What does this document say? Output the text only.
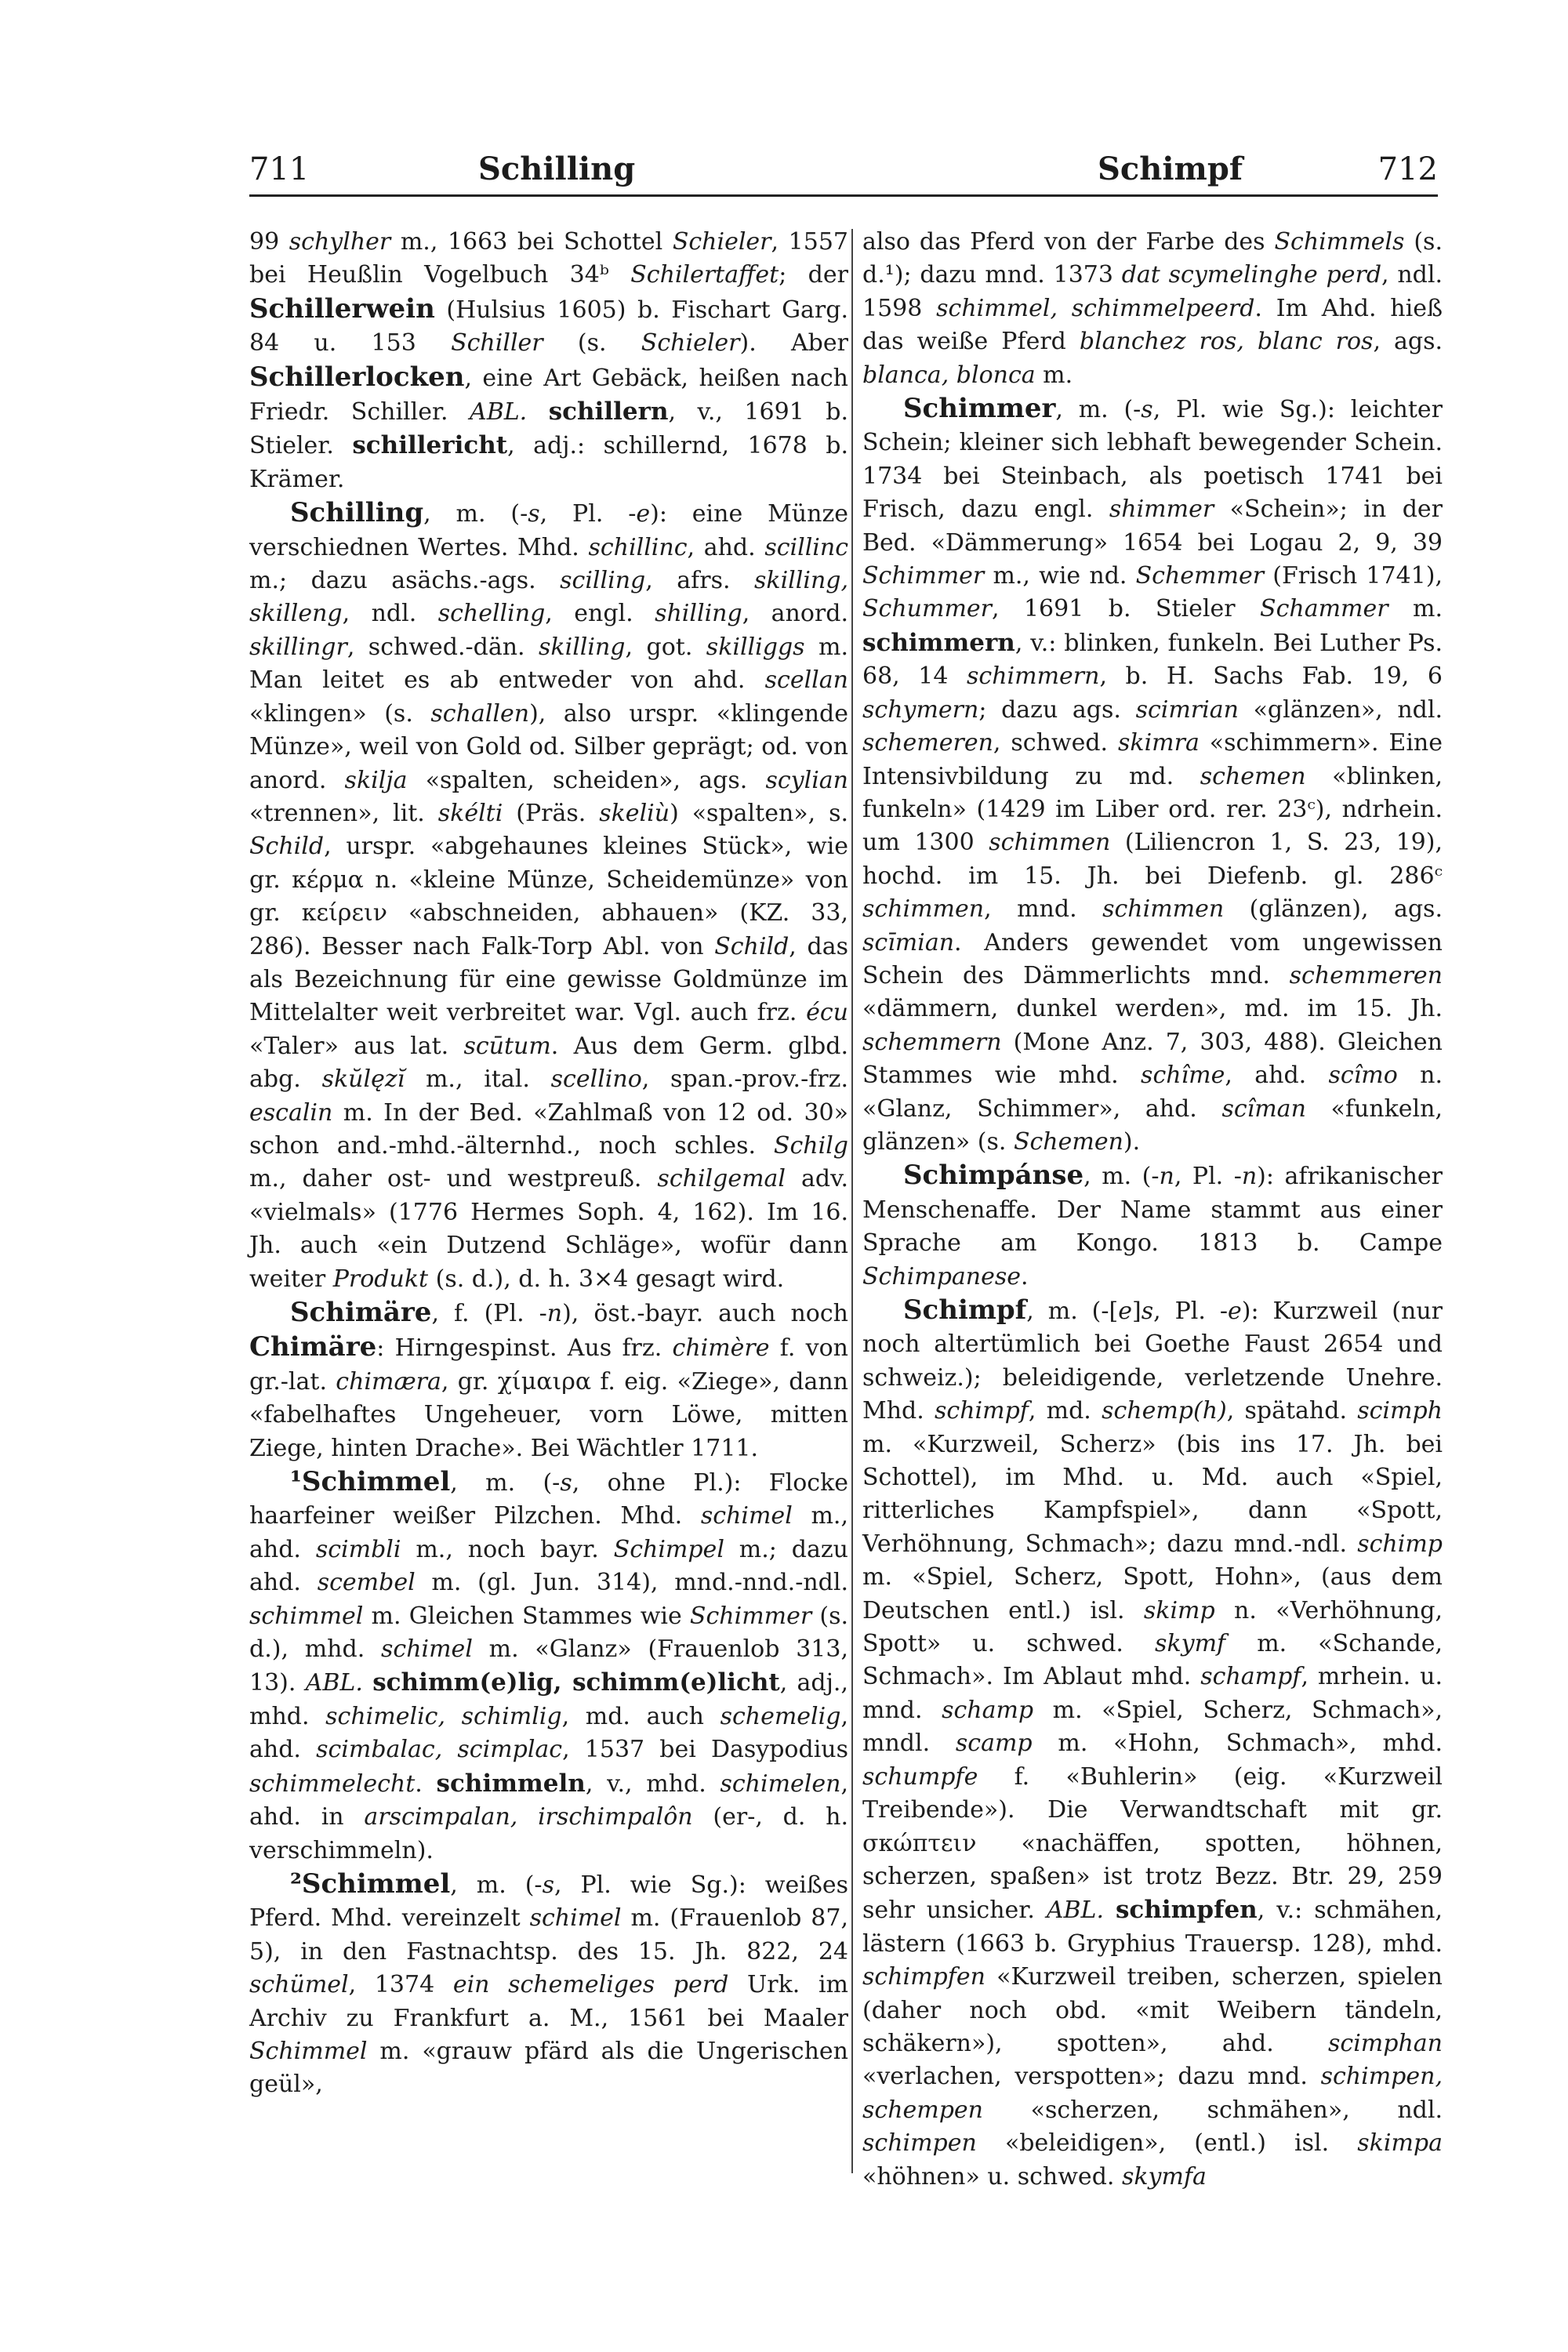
711	Schilling	Schimpf	712

99 schylher m., 1663 bei Schottel Schieler, 1557 bei Heußlin Vogelbuch 34ᵇ Schilertaffet; der Schillerwein (Hulsius 1605) b. Fischart Garg. 84 u. 153 Schiller (s. Schieler). Aber Schillerlocken, eine Art Gebäck, heißen nach Friedr. Schiller. ABL. schillern, v., 1691 b. Stieler. schillericht, adj.: schillernd, 1678 b. Krämer.

Schilling, m. (-s, Pl. -e): eine Münze verschiednen Wertes. Mhd. schillinc, ahd. scillinc m.; dazu asächs.-ags. scilling, afrs. skilling, skilleng, ndl. schelling, engl. shilling, anord. skillingr, schwed.-dän. skilling, got. skilliggs m. Man leitet es ab entweder von ahd. scellan «klingen» (s. schallen), also urspr. «klingende Münze», weil von Gold od. Silber geprägt; od. von anord. skilja «spalten, scheiden», ags. scylian «trennen», lit. skélti (Präs. skeliù) «spalten», s. Schild, urspr. «abgehaunes kleines Stück», wie gr. κέρμα n. «kleine Münze, Scheidemünze» von gr. κείρειν «abschneiden, abhauen» (KZ. 33, 286). Besser nach Falk-Torp Abl. von Schild, das als Bezeichnung für eine gewisse Goldmünze im Mittelalter weit verbreitet war. Vgl. auch frz. écu «Taler» aus lat. scūtum. Aus dem Germ. glbd. abg. skŭlęzĭ m., ital. scellino, span.-prov.-frz. escalin m. In der Bed. «Zahlmaß von 12 od. 30» schon and.-mhd.-älternhd., noch schles. Schilg m., daher ost- und westpreuß. schilgemal adv. «vielmals» (1776 Hermes Soph. 4, 162). Im 16. Jh. auch «ein Dutzend Schläge», wofür dann weiter Produkt (s. d.), d. h. 3×4 gesagt wird.

Schimäre, f. (Pl. -n), öst.-bayr. auch noch Chimäre: Hirngespinst. Aus frz. chimère f. von gr.-lat. chimæra, gr. χίμαιρα f. eig. «Ziege», dann «fabelhaftes Ungeheuer, vorn Löwe, mitten Ziege, hinten Drache». Bei Wächtler 1711.

¹Schimmel, m. (-s, ohne Pl.): Flocke haarfeiner weißer Pilzchen. Mhd. schimel m., ahd. scimbli m., noch bayr. Schimpel m.; dazu ahd. scembel m. (gl. Jun. 314), mnd.-nnd.-ndl. schimmel m. Gleichen Stammes wie Schimmer (s. d.), mhd. schimel m. «Glanz» (Frauenlob 313, 13). ABL. schimm(e)lig, schimm(e)licht, adj., mhd. schimelic, schimlig, md. auch schemelig, ahd. scimbalac, scimplac, 1537 bei Dasypodius schimmelecht. schimmeln, v., mhd. schimelen, ahd. in arscimpalan, irschimpalôn (er-, d. h. verschimmeln).

²Schimmel, m. (-s, Pl. wie Sg.): weißes Pferd. Mhd. vereinzelt schimel m. (Frauenlob 87, 5), in den Fastnachtsp. des 15. Jh. 822, 24 schümel, 1374 ein schemeliges perd Urk. im Archiv zu Frankfurt a. M., 1561 bei Maaler Schimmel m. «grauw pfärd als die Ungerischen geül»,

also das Pferd von der Farbe des Schimmels (s. d.¹); dazu mnd. 1373 dat scymelinghe perd, ndl. 1598 schimmel, schimmelpeerd. Im Ahd. hieß das weiße Pferd blanchez ros, blanc ros, ags. blanca, blonca m.

Schimmer, m. (-s, Pl. wie Sg.): leichter Schein; kleiner sich lebhaft bewegender Schein. 1734 bei Steinbach, als poetisch 1741 bei Frisch, dazu engl. shimmer «Schein»; in der Bed. «Dämmerung» 1654 bei Logau 2, 9, 39 Schimmer m., wie nd. Schemmer (Frisch 1741), Schummer, 1691 b. Stieler Schammer m. schimmern, v.: blinken, funkeln. Bei Luther Ps. 68, 14 schimmern, b. H. Sachs Fab. 19, 6 schymern; dazu ags. scimrian «glänzen», ndl. schemeren, schwed. skimra «schimmern». Eine Intensivbildung zu md. schemen «blinken, funkeln» (1429 im Liber ord. rer. 23ᶜ), ndrhein. um 1300 schimmen (Liliencron 1, S. 23, 19), hochd. im 15. Jh. bei Diefenb. gl. 286ᶜ schimmen, mnd. schimmen (glänzen), ags. scīmian. Anders gewendet vom ungewissen Schein des Dämmerlichts mnd. schemmeren «dämmern, dunkel werden», md. im 15. Jh. schemmern (Mone Anz. 7, 303, 488). Gleichen Stammes wie mhd. schîme, ahd. scîmo n. «Glanz, Schimmer», ahd. scîman «funkeln, glänzen» (s. Schemen).

Schimpánse, m. (-n, Pl. -n): afrikanischer Menschenaffe. Der Name stammt aus einer Sprache am Kongo. 1813 b. Campe Schimpanese.

Schimpf, m. (-[e]s, Pl. -e): Kurzweil (nur noch altertümlich bei Goethe Faust 2654 und schweiz.); beleidigende, verletzende Unehre. Mhd. schimpf, md. schemp(h), spätahd. scimph m. «Kurzweil, Scherz» (bis ins 17. Jh. bei Schottel), im Mhd. u. Md. auch «Spiel, ritterliches Kampfspiel», dann «Spott, Verhöhnung, Schmach»; dazu mnd.-ndl. schimp m. «Spiel, Scherz, Spott, Hohn», (aus dem Deutschen entl.) isl. skimp n. «Verhöhnung, Spott» u. schwed. skymf m. «Schande, Schmach». Im Ablaut mhd. schampf, mrhein. u. mnd. schamp m. «Spiel, Scherz, Schmach», mndl. scamp m. «Hohn, Schmach», mhd. schumpfe f. «Buhlerin» (eig. «Kurzweil Treibende»). Die Verwandtschaft mit gr. σκώπτειν «nachäffen, spotten, höhnen, scherzen, spaßen» ist trotz Bezz. Btr. 29, 259 sehr unsicher. ABL. schimpfen, v.: schmähen, lästern (1663 b. Gryphius Trauersp. 128), mhd. schimpfen «Kurzweil treiben, scherzen, spielen (daher noch obd. «mit Weibern tändeln, schäkern»), spotten», ahd. scimphan «verlachen, verspotten»; dazu mnd. schimpen, schempen «scherzen, schmähen», ndl. schimpen «beleidigen», (entl.) isl. skimpa «höhnen» u. schwed. skymfa
